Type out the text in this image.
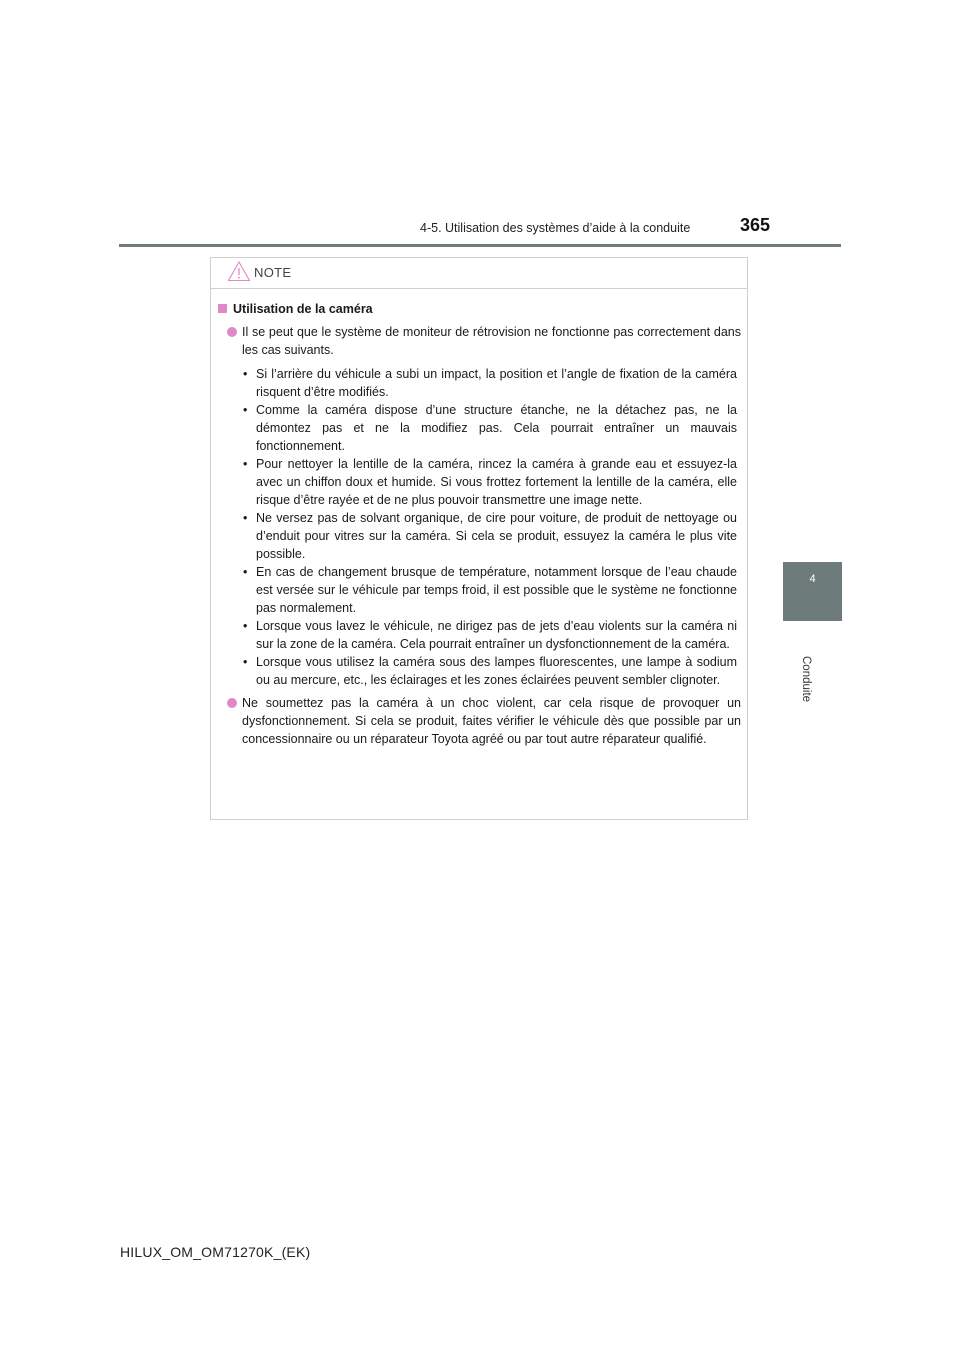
4-5. Utilisation des systèmes d’aide à la conduite	365
4
Conduite
NOTE
Utilisation de la caméra
Il se peut que le système de moniteur de rétrovision ne fonctionne pas correctement dans les cas suivants.
• Si l’arrière du véhicule a subi un impact, la position et l’angle de fixation de la caméra risquent d’être modifiés.
• Comme la caméra dispose d’une structure étanche, ne la détachez pas, ne la démontez pas et ne la modifiez pas. Cela pourrait entraîner un mauvais fonctionnement.
• Pour nettoyer la lentille de la caméra, rincez la caméra à grande eau et essuyez-la avec un chiffon doux et humide. Si vous frottez fortement la lentille de la caméra, elle risque d’être rayée et de ne plus pouvoir transmettre une image nette.
• Ne versez pas de solvant organique, de cire pour voiture, de produit de nettoyage ou d’enduit pour vitres sur la caméra. Si cela se produit, essuyez la caméra le plus vite possible.
• En cas de changement brusque de température, notamment lorsque de l’eau chaude est versée sur le véhicule par temps froid, il est possible que le système ne fonctionne pas normalement.
• Lorsque vous lavez le véhicule, ne dirigez pas de jets d’eau violents sur la caméra ni sur la zone de la caméra. Cela pourrait entraîner un dysfonctionnement de la caméra.
• Lorsque vous utilisez la caméra sous des lampes fluorescentes, une lampe à sodium ou au mercure, etc., les éclairages et les zones éclairées peuvent sembler clignoter.
Ne soumettez pas la caméra à un choc violent, car cela risque de provoquer un dysfonctionnement. Si cela se produit, faites vérifier le véhicule dès que possible par un concessionnaire ou un réparateur Toyota agréé ou par tout autre réparateur qualifié.
HILUX_OM_OM71270K_(EK)
